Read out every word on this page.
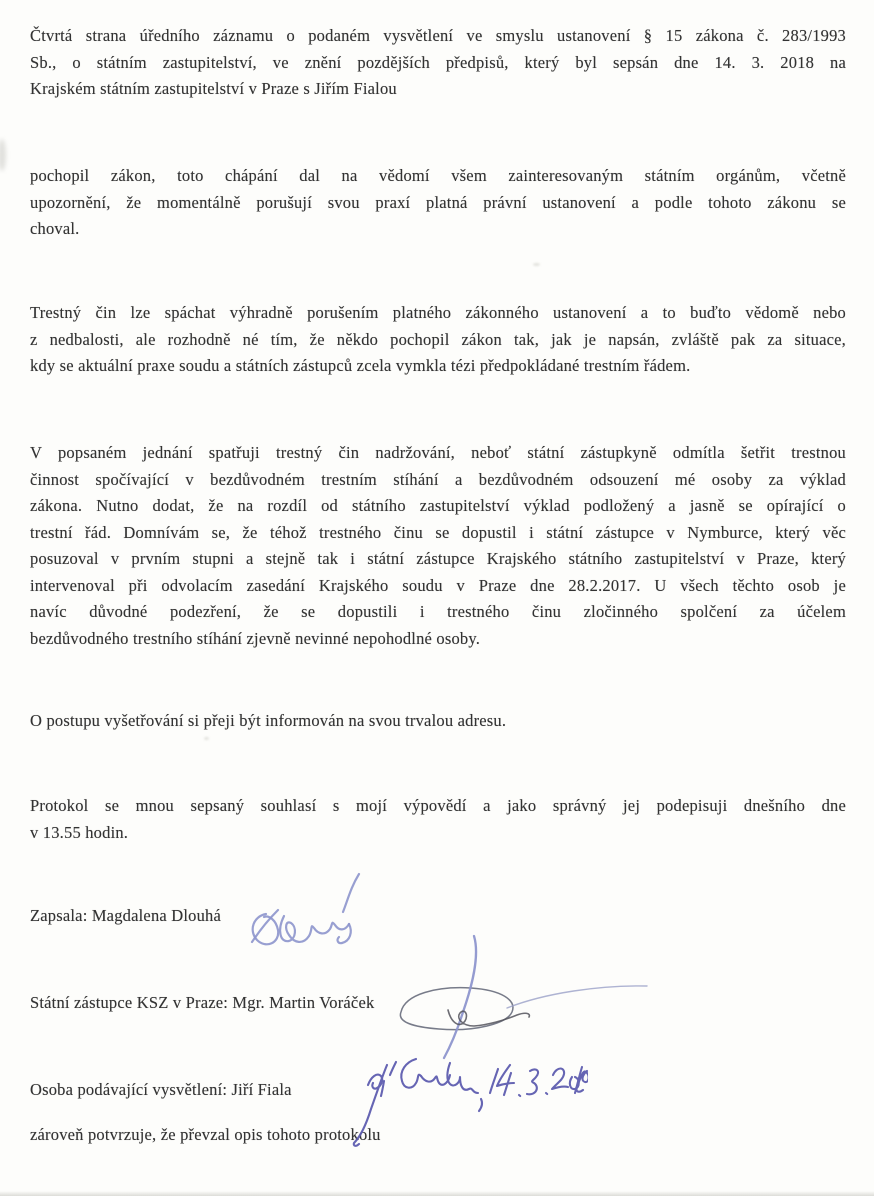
Čtvrtá strana úředního záznamu o podaném vysvětlení ve smyslu ustanovení § 15 zákona č. 283/1993
Sb., o státním zastupitelství, ve znění pozdějších předpisů, který byl sepsán dne 14. 3. 2018 na
Krajském státním zastupitelství v Praze s Jiřím Fialou
pochopil zákon, toto chápání dal na vědomí všem zainteresovaným státním orgánům, včetně
upozornění, že momentálně porušují svou praxí platná právní ustanovení a podle tohoto zákonu se
choval.
Trestný čin lze spáchat výhradně porušením platného zákonného ustanovení a to buďto vědomě nebo
z nedbalosti, ale rozhodně né tím, že někdo pochopil zákon tak, jak je napsán, zvláště pak za situace,
kdy se aktuální praxe soudu a státních zástupců zcela vymkla tézi předpokládané trestním řádem.
V popsaném jednání spatřuji trestný čin nadržování, neboť státní zástupkyně odmítla šetřit trestnou
činnost spočívající v bezdůvodném trestním stíhání a bezdůvodném odsouzení mé osoby za výklad
zákona. Nutno dodat, že na rozdíl od státního zastupitelství výklad podložený a jasně se opírající o
trestní řád. Domnívám se, že téhož trestného činu se dopustil i státní zástupce v Nymburce, který věc
posuzoval v prvním stupni a stejně tak i státní zástupce Krajského státního zastupitelství v Praze, který
intervenoval při odvolacím zasedání Krajského soudu v Praze dne 28.2.2017. U všech těchto osob je
navíc důvodné podezření, že se dopustili i trestného činu zločinného spolčení za účelem
bezdůvodného trestního stíhání zjevně nevinné nepohodlné osoby.
O postupu vyšetřování si přeji být informován na svou trvalou adresu.
Protokol se mnou sepsaný souhlasí s mojí výpovědí a jako správný jej podepisuji dnešního dne
v 13.55 hodin.
Zapsala: Magdalena Dlouhá
Státní zástupce KSZ v Praze: Mgr. Martin Voráček
Osoba podávající vysvětlení: Jiří Fiala
zároveň potvrzuje, že převzal opis tohoto protokolu
